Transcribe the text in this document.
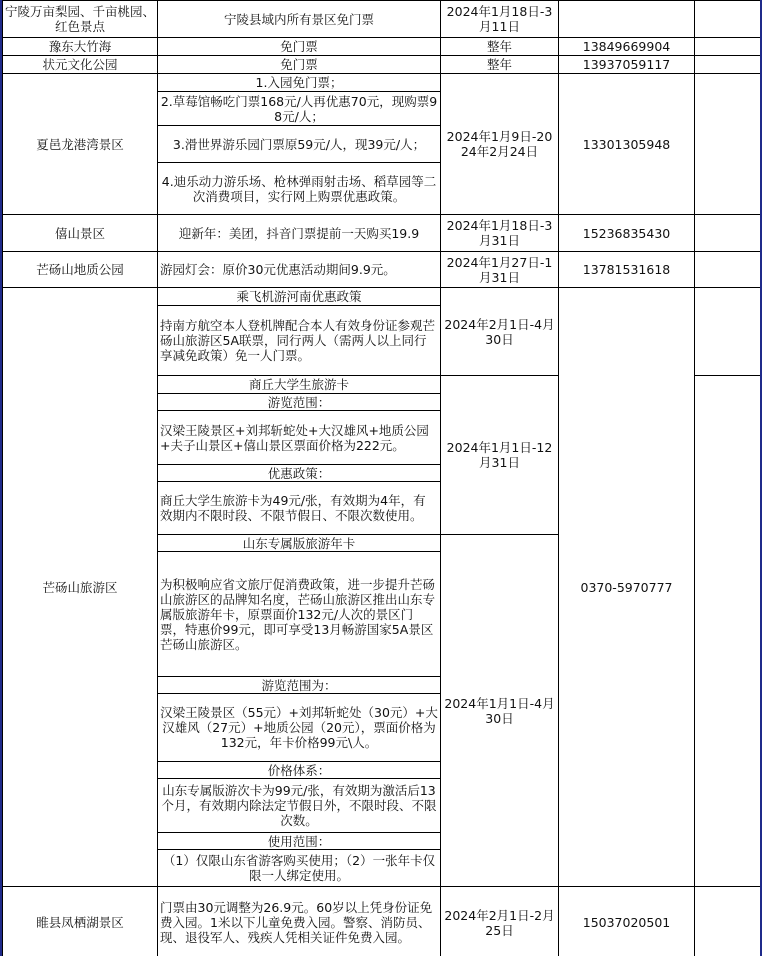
宁陵万亩梨园、千亩桃园、红色景点	宁陵县域内所有景区免门票	2024年1月18日-3月11日		
豫东大竹海	免门票	整年	13849669904	
状元文化公园	免门票	整年	13937059117	
夏邑龙港湾景区	1.入园免门票；	2024年1月9日-2024年2月24日	13301305948	
	2.草莓馆畅吃门票168元/人再优惠70元，现购票98元/人；			
	3.滑世界游乐园门票原59元/人，现39元/人；			
	4.迪乐动力游乐场、枪林弹雨射击场、稻草园等二次消费项目，实行网上购票优惠政策。			
僖山景区	迎新年：美团，抖音门票提前一天购买19.9	2024年1月18日-3月31日	15236835430	
芒砀山地质公园	游园灯会：原价30元优惠活动期间9.9元。	2024年1月27日-1月31日	13781531618	
芒砀山旅游区	乘飞机游河南优惠政策	2024年2月1日-4月30日	0370-5970777	
	持南方航空本人登机牌配合本人有效身份证参观芒砀山旅游区5A联票，同行两人（需两人以上同行享减免政策）免一人门票。			
	商丘大学生旅游卡	2024年1月1日-12月31日		
	游览范围：			
	汉梁王陵景区+刘邦斩蛇处+大汉雄风+地质公园+夫子山景区+僖山景区票面价格为222元。			
	优惠政策：			
	商丘大学生旅游卡为49元/张，有效期为4年，有效期内不限时段、不限节假日、不限次数使用。			
	山东专属版旅游年卡	2024年1月1日-4月30日		
	为积极响应省文旅厅促消费政策，进一步提升芒砀山旅游区的品牌知名度，芒砀山旅游区推出山东专属版旅游年卡，原票面价132元/人次的景区门票，特惠价99元，即可享受13月畅游国家5A景区芒砀山旅游区。			
	游览范围为：			
	汉梁王陵景区（55元）+刘邦斩蛇处（30元）+大汉雄风（27元）+地质公园（20元），票面价格为132元，年卡价格99元\人。			
	价格体系：			
	山东专属版游次卡为99元/张，有效期为激活后13个月，有效期内除法定节假日外，不限时段、不限次数。			
	使用范围：			
	（1）仅限山东省游客购买使用；（2）一张年卡仅限一人绑定使用。			
睢县凤栖湖景区	门票由30元调整为26.9元。60岁以上凭身份证免费入园。1米以下儿童免费入园。警察、消防员、现、退役军人、残疾人凭相关证件免费入园。	2024年2月1日-2月25日	15037020501	
